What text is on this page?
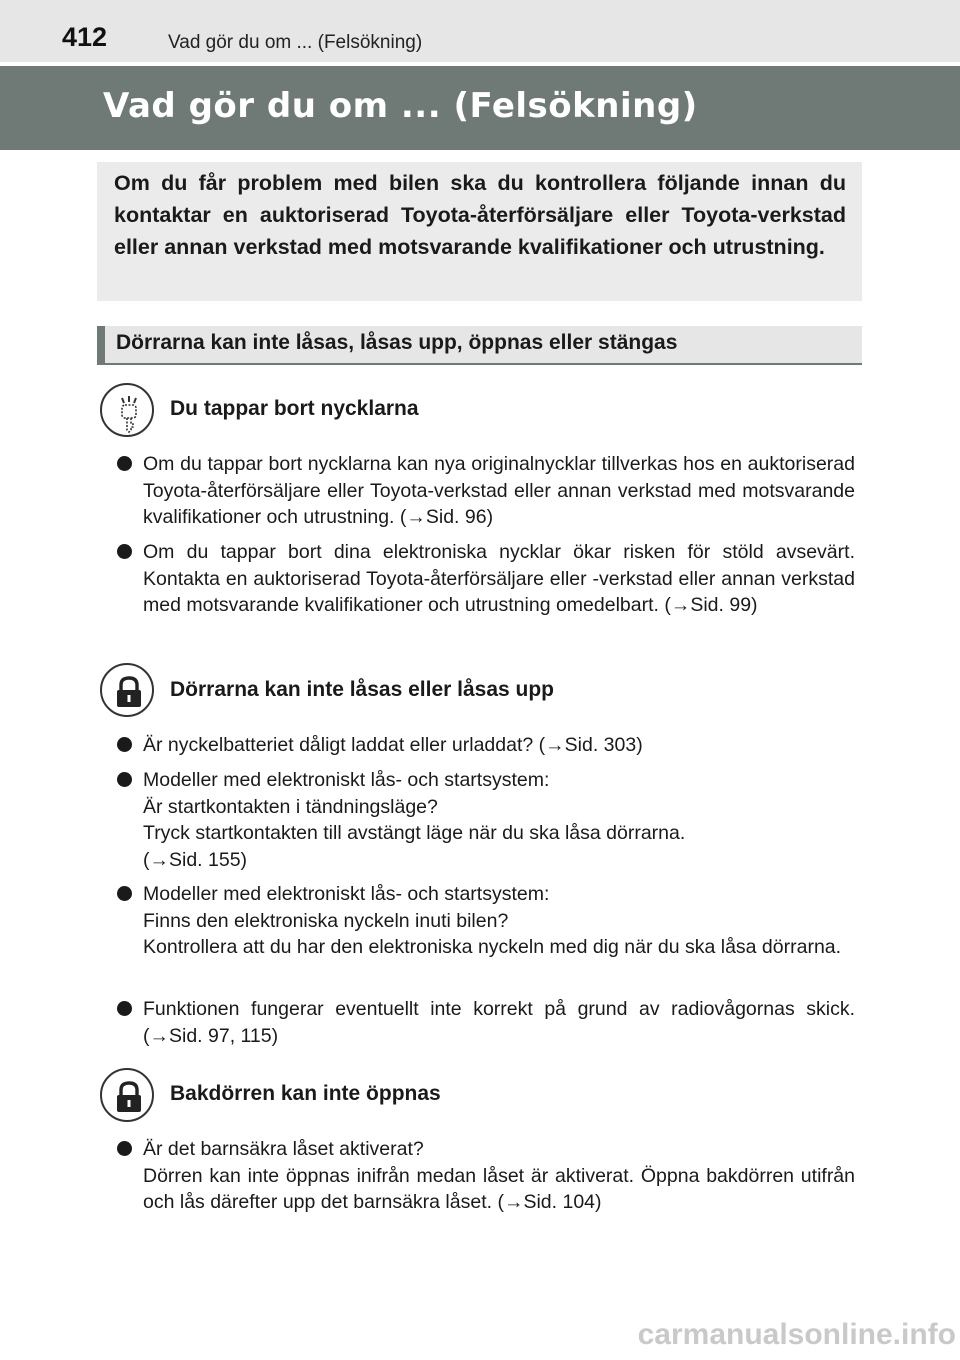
412	Vad gör du om ... (Felsökning)
Vad gör du om ... (Felsökning)

Om du får problem med bilen ska du kontrollera följande innan du kontaktar en auktoriserad Toyota-återförsäljare eller Toyota-verkstad eller annan verkstad med motsvarande kvalifikationer och utrustning.

Dörrarna kan inte låsas, låsas upp, öppnas eller stängas
Du tappar bort nycklarna
Om du tappar bort nycklarna kan nya originalnycklar tillverkas hos en auktoriserad Toyota-återförsäljare eller Toyota-verkstad eller annan verkstad med motsvarande kvalifikationer och utrustning. (→Sid. 96)
Om du tappar bort dina elektroniska nycklar ökar risken för stöld avsevärt. Kontakta en auktoriserad Toyota-återförsäljare eller -verkstad eller annan verkstad med motsvarande kvalifikationer och utrustning omedelbart. (→Sid. 99)
Dörrarna kan inte låsas eller låsas upp
Är nyckelbatteriet dåligt laddat eller urladdat? (→Sid. 303)
Modeller med elektroniskt lås- och startsystem:
Är startkontakten i tändningsläge?
Tryck startkontakten till avstängt läge när du ska låsa dörrarna.
(→Sid. 155)
Modeller med elektroniskt lås- och startsystem:
Finns den elektroniska nyckeln inuti bilen?
Kontrollera att du har den elektroniska nyckeln med dig när du ska låsa dörrarna.
Funktionen fungerar eventuellt inte korrekt på grund av radiovågornas skick. (→Sid. 97, 115)
Bakdörren kan inte öppnas
Är det barnsäkra låset aktiverat?
Dörren kan inte öppnas inifrån medan låset är aktiverat. Öppna bakdörren utifrån och lås därefter upp det barnsäkra låset. (→Sid. 104)
carmanualsonline.info
